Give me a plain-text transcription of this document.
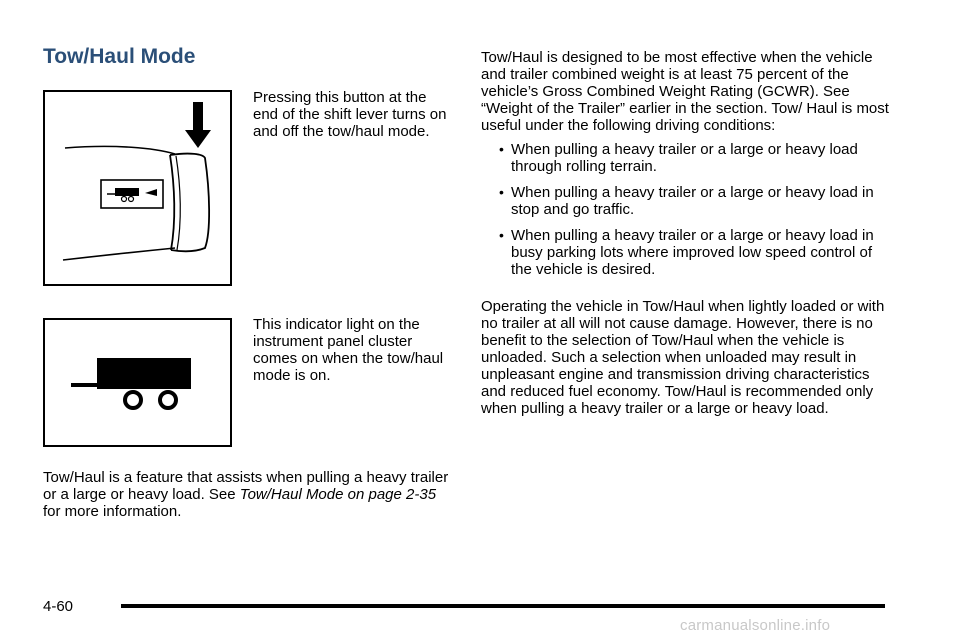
Tow/Haul Mode

Pressing this button at the end of the shift lever turns on and off the tow/haul mode.

This indicator light on the instrument panel cluster comes on when the tow/haul mode is on.

Tow/Haul is a feature that assists when pulling a heavy trailer or a large or heavy load. See Tow/Haul Mode on page 2-35 for more information.

Tow/Haul is designed to be most effective when the vehicle and trailer combined weight is at least 75 percent of the vehicle’s Gross Combined Weight Rating (GCWR). See “Weight of the Trailer” earlier in the section. Tow/ Haul is most useful under the following driving conditions:

• When pulling a heavy trailer or a large or heavy load through rolling terrain.
• When pulling a heavy trailer or a large or heavy load in stop and go traffic.
• When pulling a heavy trailer or a large or heavy load in busy parking lots where improved low speed control of the vehicle is desired.

Operating the vehicle in Tow/Haul when lightly loaded or with no trailer at all will not cause damage. However, there is no benefit to the selection of Tow/Haul when the vehicle is unloaded. Such a selection when unloaded may result in unpleasant engine and transmission driving characteristics and reduced fuel economy. Tow/Haul is recommended only when pulling a heavy trailer or a large or heavy load.

4-60
carmanualsonline.info
